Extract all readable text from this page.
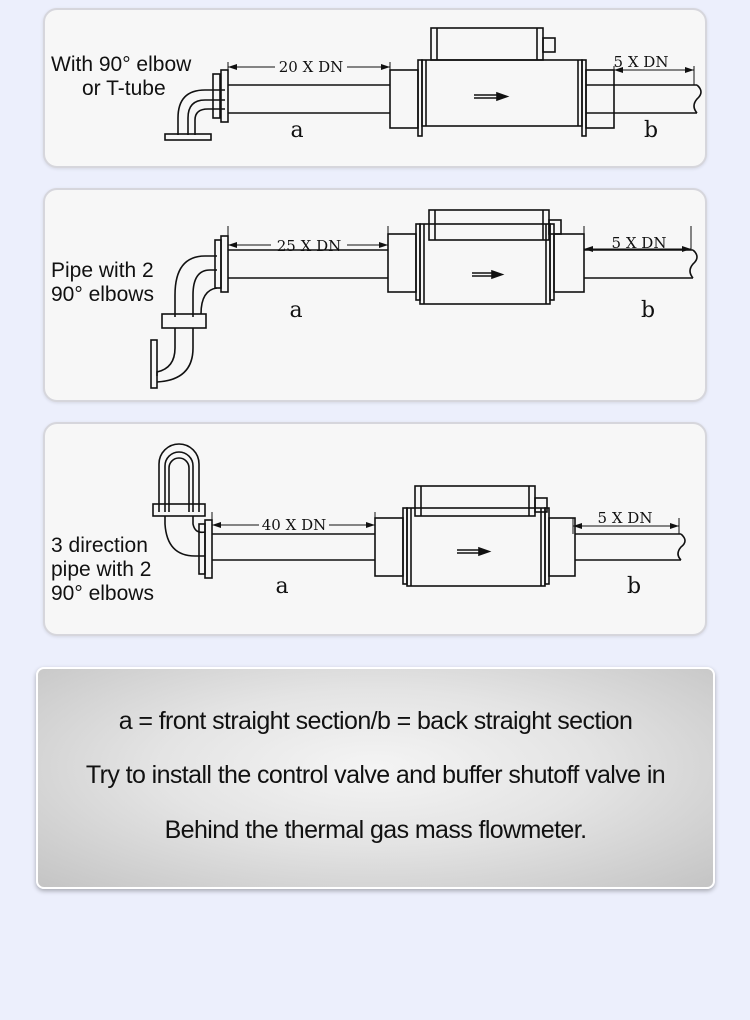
20 X DN	5 X DN
a	b
With 90° elbow
or T-tube
25 X DN	5 X DN
a	b
Pipe with 2
90° elbows
40 X DN	5 X DN
a	b
3 direction
pipe with 2
90° elbows

a = front straight section/b = back straight section

Try to install the control valve and buffer shutoff valve in

Behind the thermal gas mass flowmeter.
